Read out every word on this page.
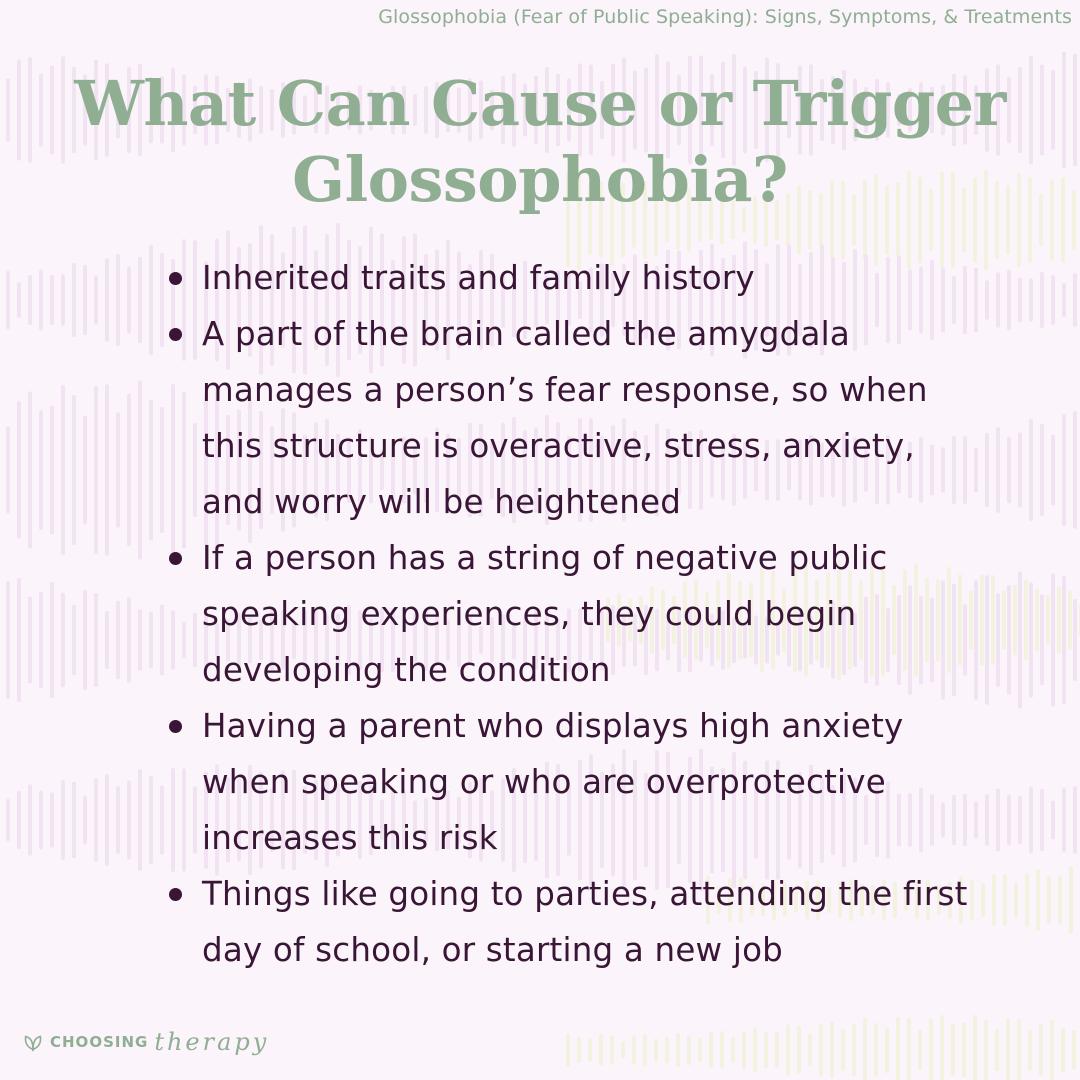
Glossophobia (Fear of Public Speaking): Signs, Symptoms, & Treatments
What Can Cause or Trigger
Glossophobia?
Inherited traits and family history
A part of the brain called the amygdala manages a person’s fear response, so when this structure is overactive, stress, anxiety, and worry will be heightened
If a person has a string of negative public speaking experiences, they could begin developing the condition
Having a parent who displays high anxiety when speaking or who are overprotective increases this risk
Things like going to parties, attending the first day of school, or starting a new job
CHOOSING therapy
